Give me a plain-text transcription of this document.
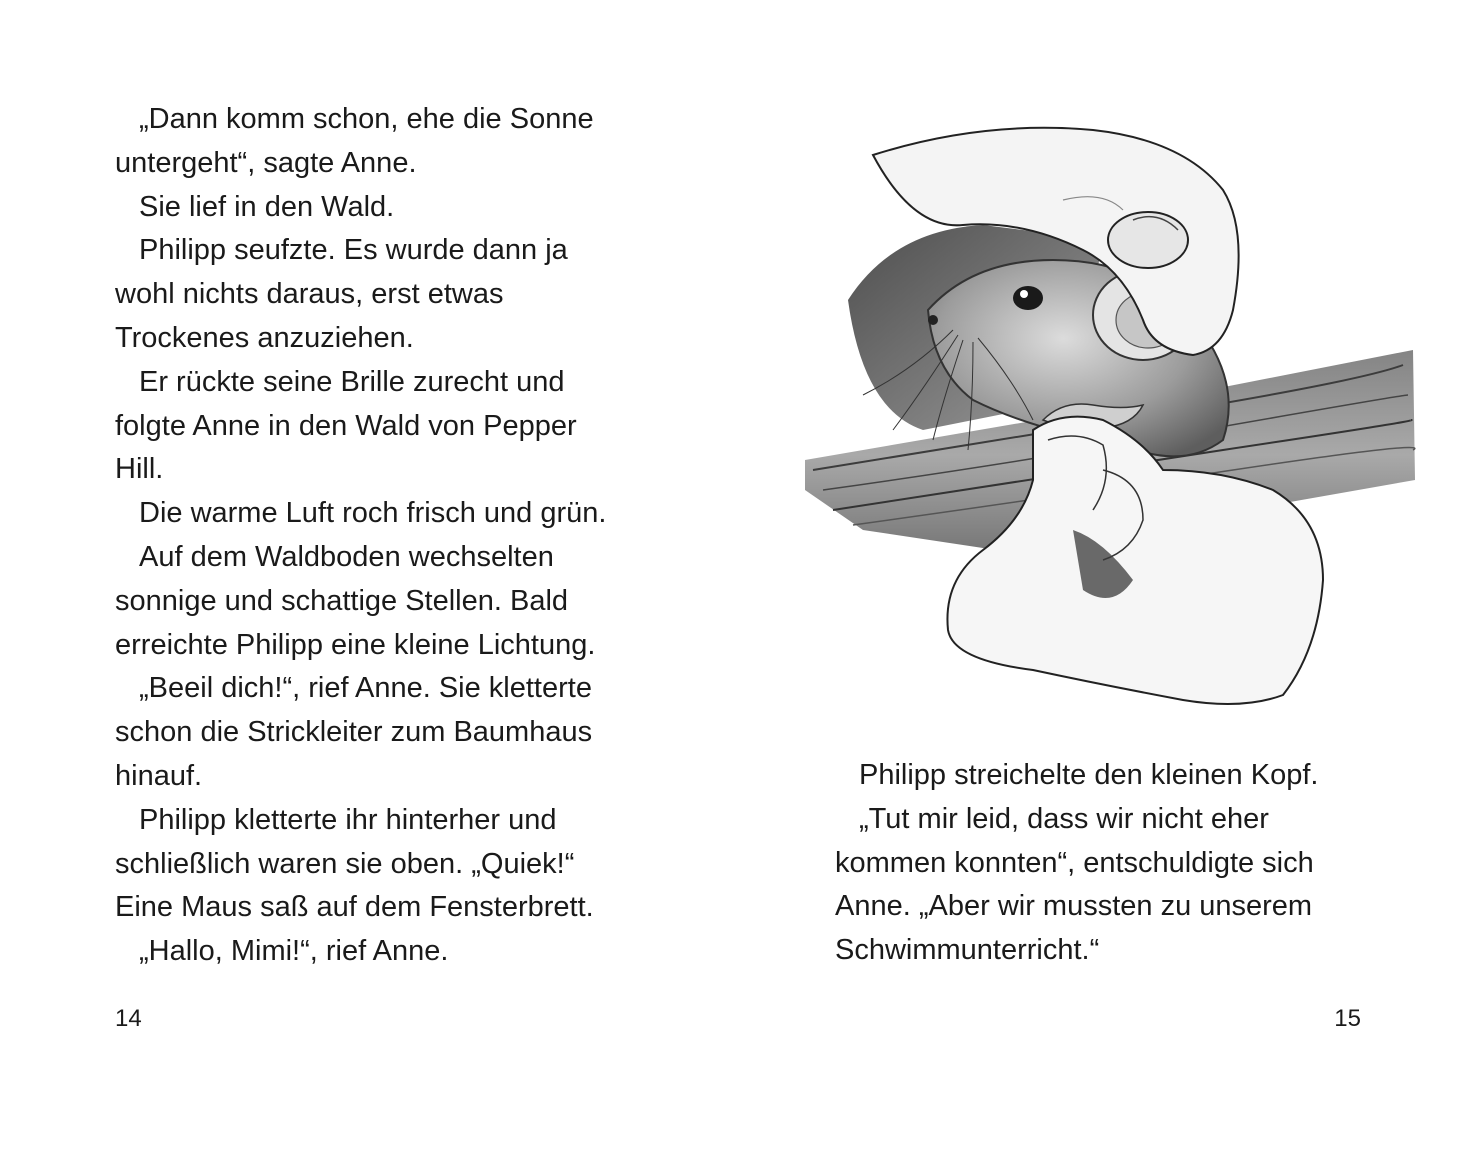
„Dann komm schon, ehe die Sonne
untergeht“, sagte Anne.
Sie lief in den Wald.
Philipp seufzte. Es wurde dann ja
wohl nichts daraus, erst etwas
Trockenes anzuziehen.
Er rückte seine Brille zurecht und
folgte Anne in den Wald von Pepper
Hill.
Die warme Luft roch frisch und grün.
Auf dem Waldboden wechselten
sonnige und schattige Stellen. Bald
erreichte Philipp eine kleine Lichtung.
„Beeil dich!“, rief Anne. Sie kletterte
schon die Strickleiter zum Baumhaus
hinauf.
Philipp kletterte ihr hinterher und
schließlich waren sie oben. „Quiek!“
Eine Maus saß auf dem Fensterbrett.
„Hallo, Mimi!“, rief Anne.
14
Philipp streichelte den kleinen Kopf.
„Tut mir leid, dass wir nicht eher
kommen konnten“, entschuldigte sich
Anne. „Aber wir mussten zu unserem
Schwimmunterricht.“
15
